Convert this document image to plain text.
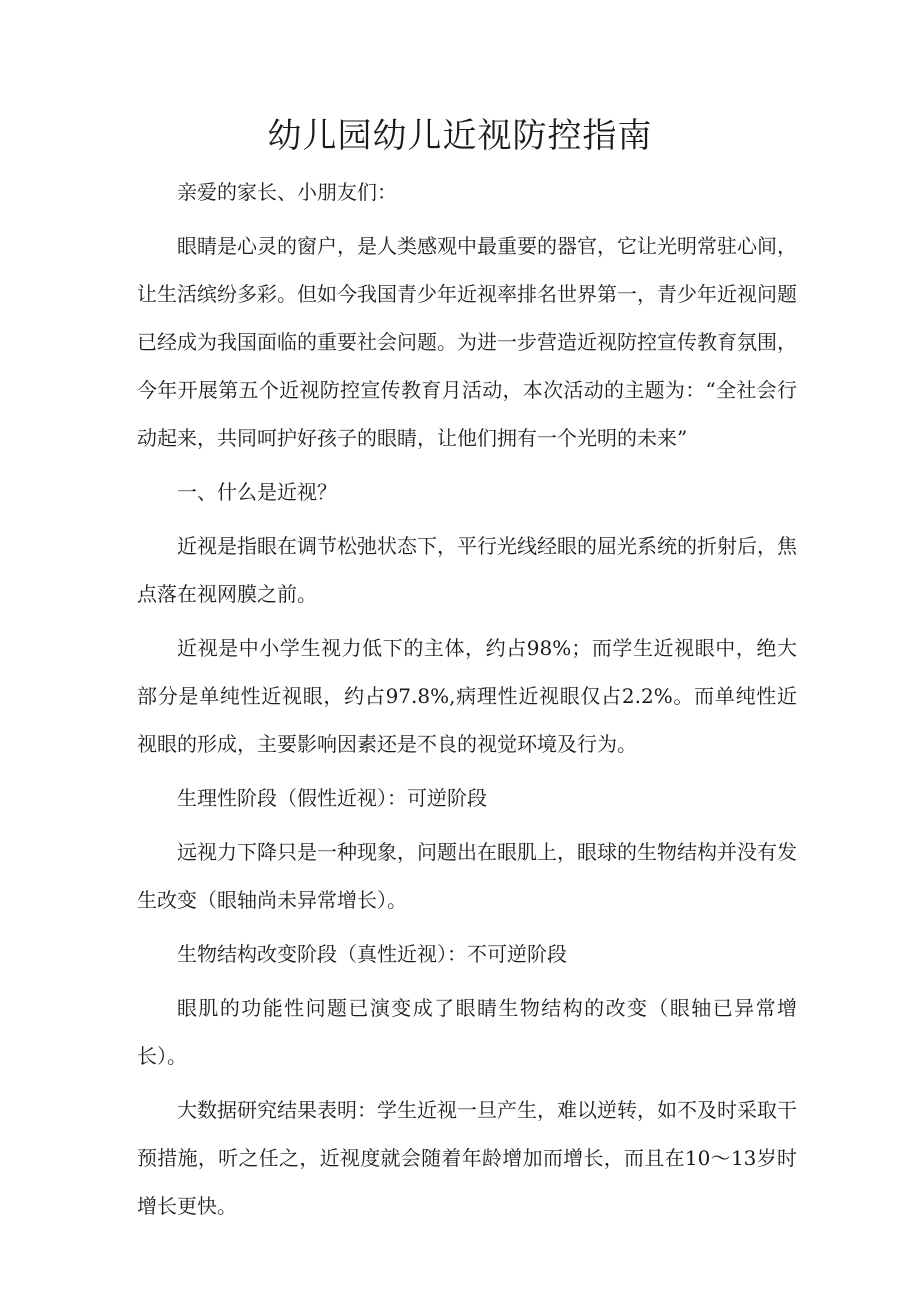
幼儿园幼儿近视防控指南

亲爱的家长、小朋友们：

眼睛是心灵的窗户，是人类感观中最重要的器官，它让光明常驻心间，让生活缤纷多彩。但如今我国青少年近视率排名世界第一，青少年近视问题已经成为我国面临的重要社会问题。为进一步营造近视防控宣传教育氛围，今年开展第五个近视防控宣传教育月活动，本次活动的主题为：“全社会行动起来，共同呵护好孩子的眼睛，让他们拥有一个光明的未来”

一、什么是近视？

近视是指眼在调节松弛状态下，平行光线经眼的屈光系统的折射后，焦点落在视网膜之前。

近视是中小学生视力低下的主体，约占98%；而学生近视眼中，绝大部分是单纯性近视眼，约占97.8%,病理性近视眼仅占2.2%。而单纯性近视眼的形成，主要影响因素还是不良的视觉环境及行为。

生理性阶段（假性近视）：可逆阶段

远视力下降只是一种现象，问题出在眼肌上，眼球的生物结构并没有发生改变（眼轴尚未异常增长）。

生物结构改变阶段（真性近视）：不可逆阶段

眼肌的功能性问题已演变成了眼睛生物结构的改变（眼轴已异常增长）。

大数据研究结果表明：学生近视一旦产生，难以逆转，如不及时采取干预措施，听之任之，近视度就会随着年龄增加而增长，而且在10～13岁时增长更快。
